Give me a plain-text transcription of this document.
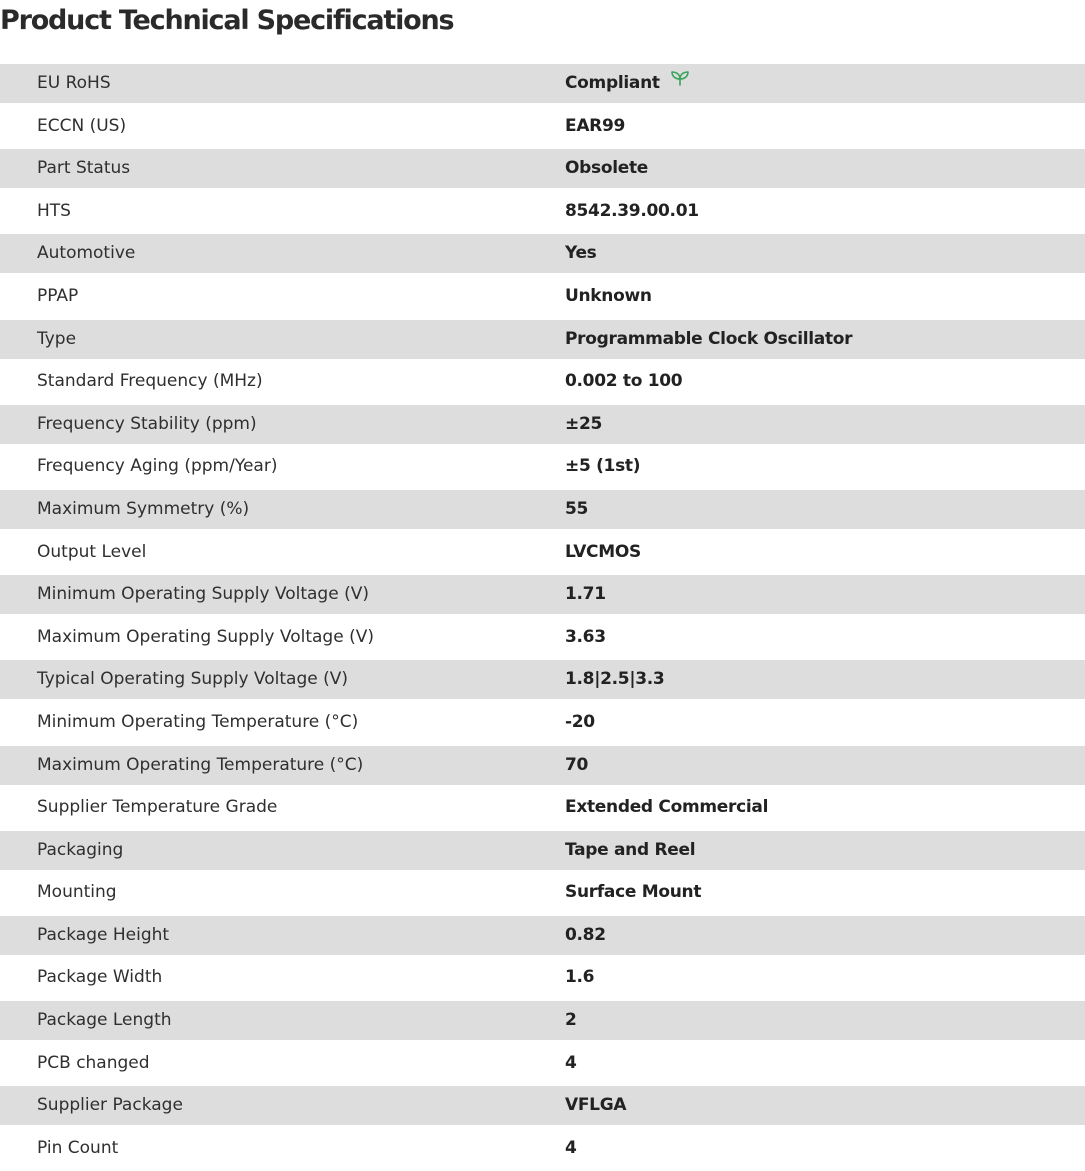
Product Technical Specifications
EU RoHS	Compliant
ECCN (US)	EAR99
Part Status	Obsolete
HTS	8542.39.00.01
Automotive	Yes
PPAP	Unknown
Type	Programmable Clock Oscillator
Standard Frequency (MHz)	0.002 to 100
Frequency Stability (ppm)	±25
Frequency Aging (ppm/Year)	±5 (1st)
Maximum Symmetry (%)	55
Output Level	LVCMOS
Minimum Operating Supply Voltage (V)	1.71
Maximum Operating Supply Voltage (V)	3.63
Typical Operating Supply Voltage (V)	1.8|2.5|3.3
Minimum Operating Temperature (°C)	-20
Maximum Operating Temperature (°C)	70
Supplier Temperature Grade	Extended Commercial
Packaging	Tape and Reel
Mounting	Surface Mount
Package Height	0.82
Package Width	1.6
Package Length	2
PCB changed	4
Supplier Package	VFLGA
Pin Count	4
